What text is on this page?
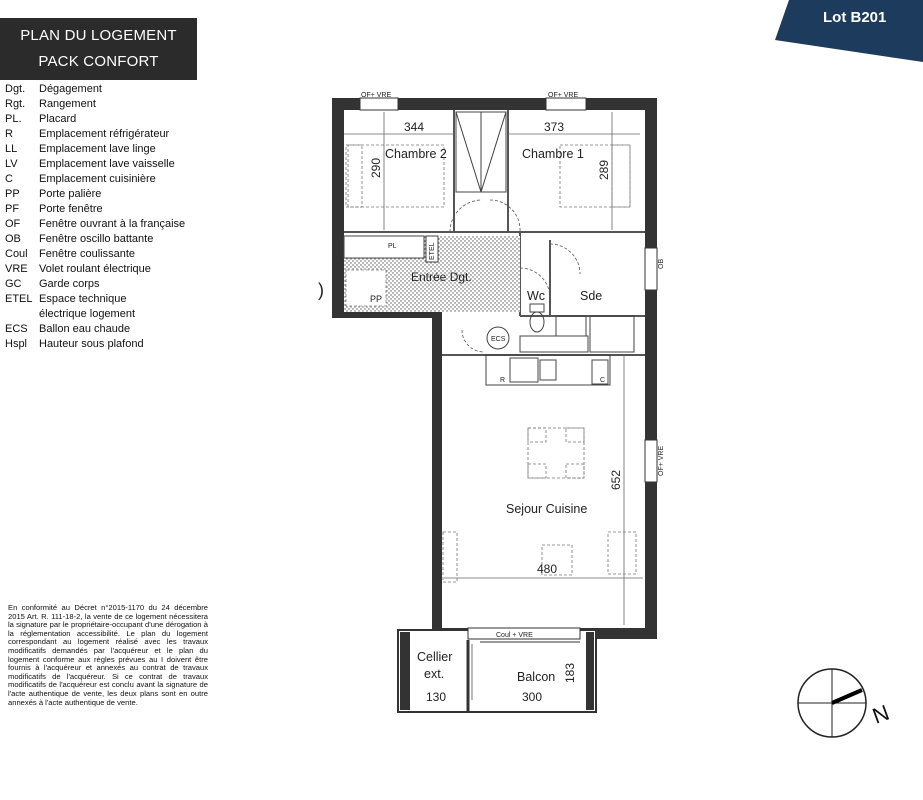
PLAN DU LOGEMENT
PACK CONFORT
Lot B201
Dgt.	Dégagement
Rgt.	Rangement
PL.	Placard
R	Emplacement réfrigérateur
LL	Emplacement lave linge
LV	Emplacement lave vaisselle
C	Emplacement cuisinière
PP	Porte palière
PF	Porte fenêtre
OF	Fenêtre ouvrant à la française
OB	Fenêtre oscillo battante
Coul	Fenêtre coulissante
VRE	Volet roulant électrique
GC	Garde corps
ETEL Espace technique
électrique logement
ECS	Ballon eau chaude
Hspl	Hauteur sous plafond
En conformité au Décret n°2015-1170 du 24 décembre 2015 Art. R. 111-18-2, la vente de ce logement nécessitera la signature par le propriétaire-occupant d'une dérogation à la réglementation accessibilité. Le plan du logement correspondant au logement réalisé avec les travaux modificatifs demandés par l'acquéreur et le plan du logement conforme aux règles prévues au I doivent être fournis à l'acquéreur et annexés au contrat de travaux modificatifs de l'acquéreur. Si ce contrat de travaux modificatifs de l'acquéreur est conclu avant la signature de l'acte authentique de vente, les deux plans sont en outre annexés à l'acte authentique de vente.
)
OF+ VRE	OF+ VRE
OB
OF+ VRE
Coul + VRE
Chambre 2	Chambre 1
Entrée Dgt.
Wc	Sde
Sejour Cuisine
Cellier
ext.	Balcon
344	373
290	289
652
480
130	300
183
PL	ETEL
PP
ECS
R	C
N
